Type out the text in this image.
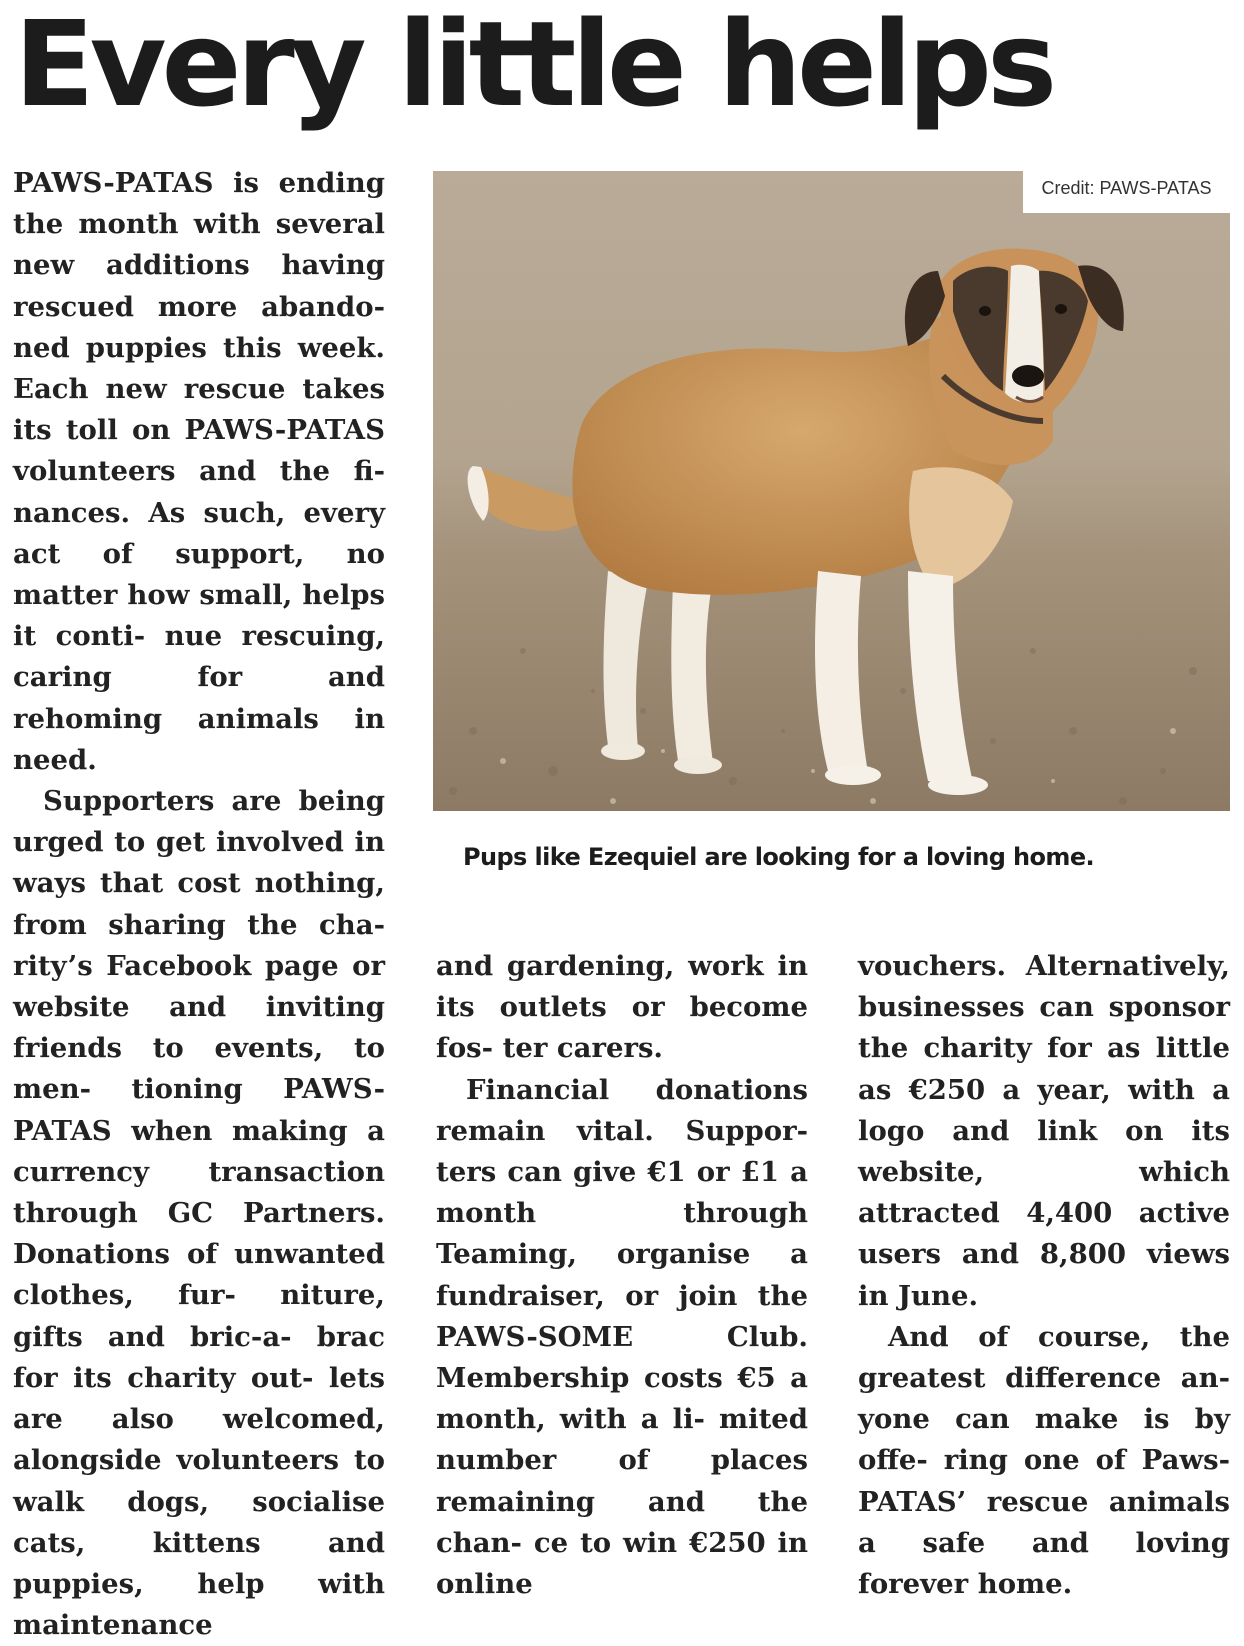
Every little helps

PAWS-PATAS is ending the month with several new additions having rescued more abando- ned puppies this week. Each new rescue takes its toll on PAWS-PATAS volunteers and the fi- nances. As such, every act of support, no matter how small, helps it conti- nue rescuing, caring for and rehoming animals in need.

Supporters are being urged to get involved in ways that cost nothing, from sharing the cha- rity’s Facebook page or website and inviting friends to events, to men- tioning PAWS-PATAS when making a currency transaction through GC Partners. Donations of unwanted clothes, fur- niture, gifts and bric-a- brac for its charity out- lets are also welcomed, alongside volunteers to walk dogs, socialise cats, kittens and puppies, help with maintenance

Credit: PAWS-PATAS

Pups like Ezequiel are looking for a loving home.

and gardening, work in its outlets or become fos- ter carers.

Financial donations remain vital. Suppor- ters can give €1 or £1 a month through Teaming, organise a fundraiser, or join the PAWS-SOME Club. Membership costs €5 a month, with a li- mited number of places remaining and the chan- ce to win €250 in online

vouchers. Alternatively, businesses can sponsor the charity for as little as €250 a year, with a logo and link on its website, which attracted 4,400 active users and 8,800 views in June.

And of course, the greatest difference an- yone can make is by offe- ring one of Paws-PATAS’ rescue animals a safe and loving forever home.
